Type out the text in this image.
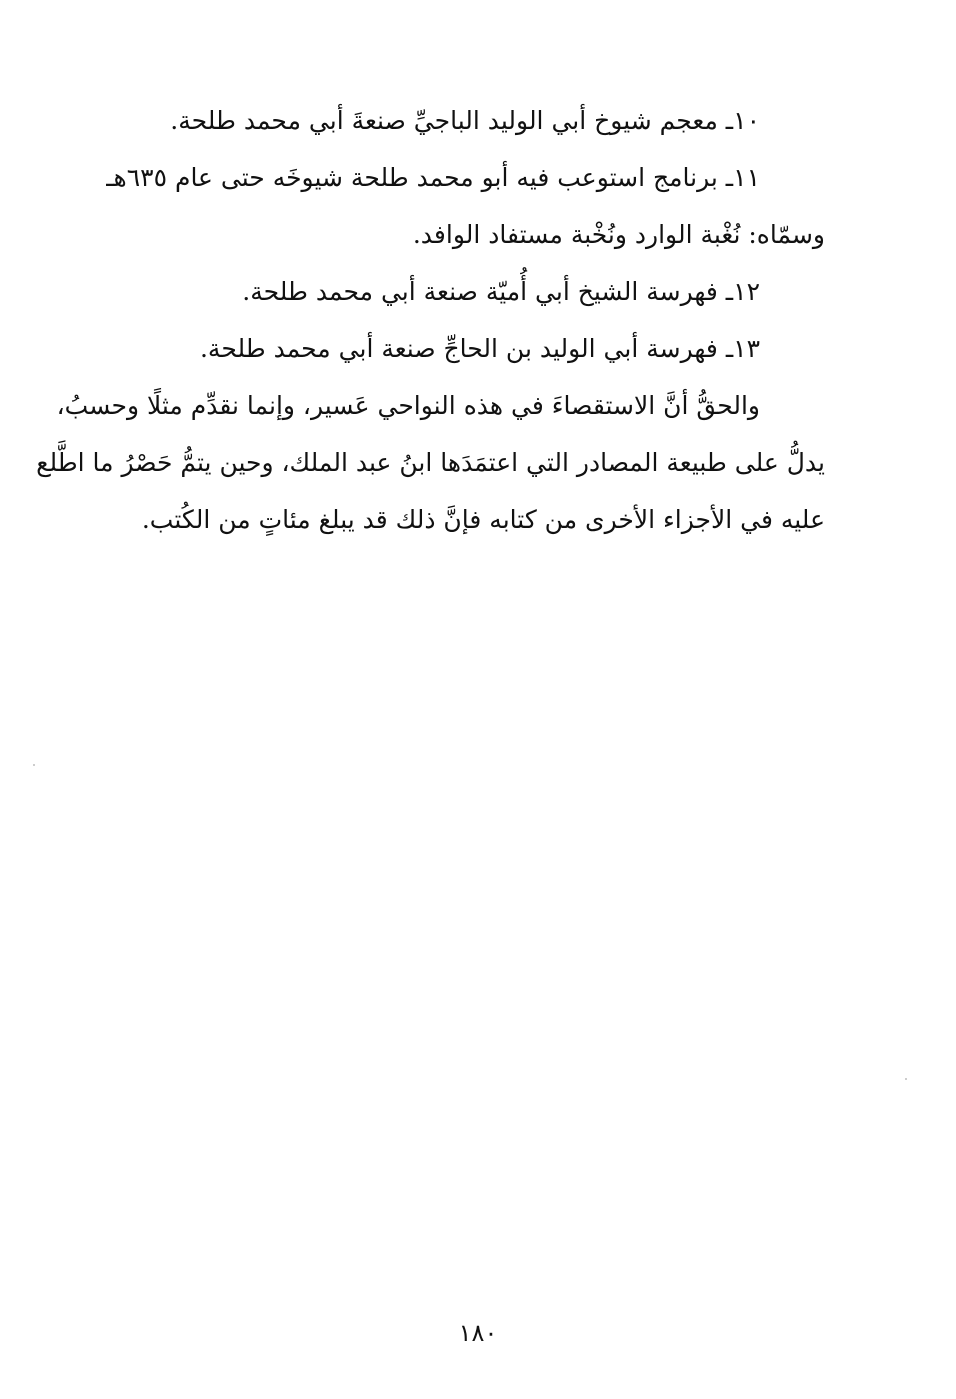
١٠ـ معجم شيوخ أبي الوليد الباجيِّ صنعةَ أبي محمد طلحة.
١١ـ برنامج استوعب فيه أبو محمد طلحة شيوخَه حتى عام ٦٣٥هـ
وسمّاه: نُغْبة الوارد ونُخْبة مستفاد الوافد.
١٢ـ فهرسة الشيخ أبي أُميّة صنعة أبي محمد طلحة.
١٣ـ فهرسة أبي الوليد بن الحاجِّ صنعة أبي محمد طلحة.
والحقُّ أنَّ الاستقصاءَ في هذه النواحي عَسير، وإنما نقدِّم مثلًا وحسبُ،
يدلُّ على طبيعة المصادر التي اعتمَدَها ابنُ عبد الملك، وحين يتمُّ حَصْرُ ما اطَّلع
عليه في الأجزاء الأخرى من كتابه فإنَّ ذلك قد يبلغ مئاتٍ من الكُتب.
١٨٠
